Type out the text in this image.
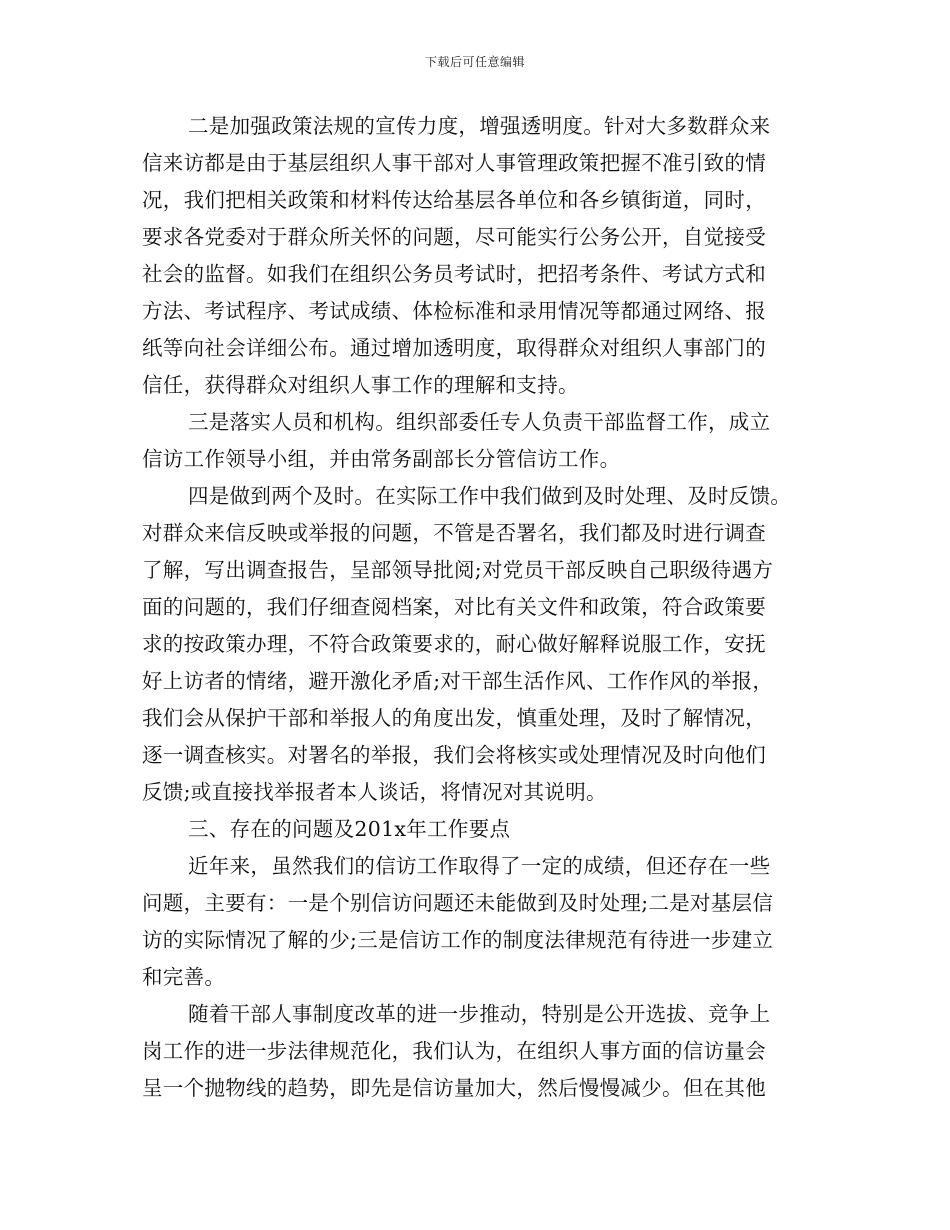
下载后可任意编辑
二是加强政策法规的宣传力度，增强透明度。针对大多数群众来
信来访都是由于基层组织人事干部对人事管理政策把握不准引致的情
况，我们把相关政策和材料传达给基层各单位和各乡镇街道，同时，
要求各党委对于群众所关怀的问题，尽可能实行公务公开，自觉接受
社会的监督。如我们在组织公务员考试时，把招考条件、考试方式和
方法、考试程序、考试成绩、体检标准和录用情况等都通过网络、报
纸等向社会详细公布。通过增加透明度，取得群众对组织人事部门的
信任，获得群众对组织人事工作的理解和支持。
三是落实人员和机构。组织部委任专人负责干部监督工作，成立
信访工作领导小组，并由常务副部长分管信访工作。
四是做到两个及时。在实际工作中我们做到及时处理、及时反馈。
对群众来信反映或举报的问题，不管是否署名，我们都及时进行调查
了解，写出调查报告，呈部领导批阅;对党员干部反映自己职级待遇方
面的问题的，我们仔细查阅档案，对比有关文件和政策，符合政策要
求的按政策办理，不符合政策要求的，耐心做好解释说服工作，安抚
好上访者的情绪，避开激化矛盾;对干部生活作风、工作作风的举报，
我们会从保护干部和举报人的角度出发，慎重处理，及时了解情况，
逐一调查核实。对署名的举报，我们会将核实或处理情况及时向他们
反馈;或直接找举报者本人谈话，将情况对其说明。
三、存在的问题及201x年工作要点
近年来，虽然我们的信访工作取得了一定的成绩，但还存在一些
问题，主要有：一是个别信访问题还未能做到及时处理;二是对基层信
访的实际情况了解的少;三是信访工作的制度法律规范有待进一步建立
和完善。
随着干部人事制度改革的进一步推动，特别是公开选拔、竞争上
岗工作的进一步法律规范化，我们认为，在组织人事方面的信访量会
呈一个抛物线的趋势，即先是信访量加大，然后慢慢减少。但在其他
